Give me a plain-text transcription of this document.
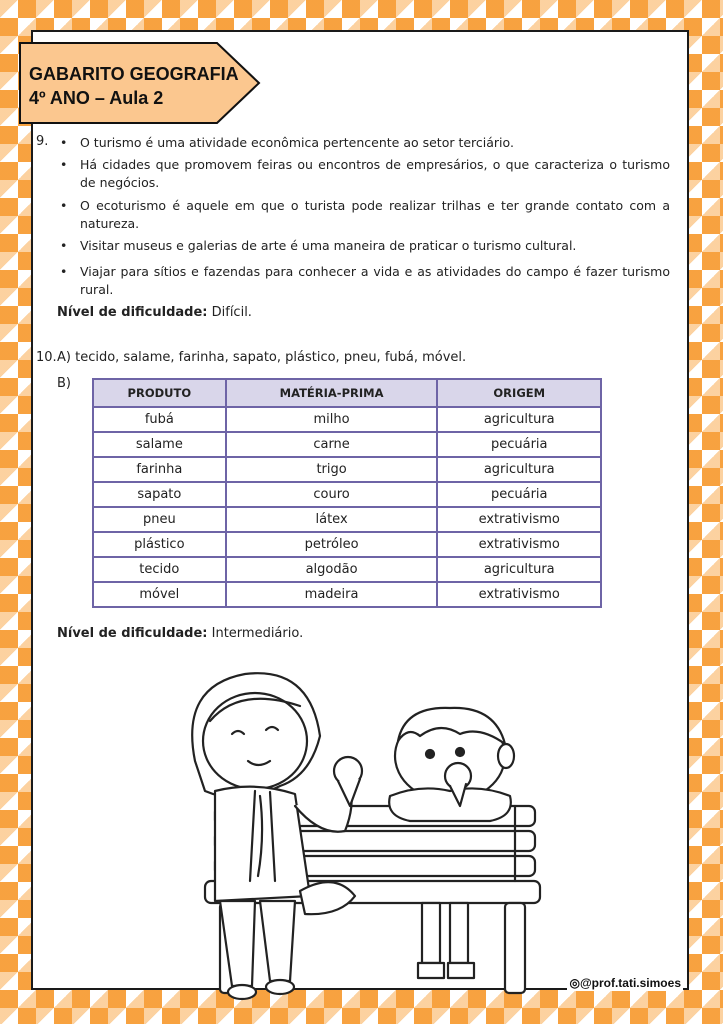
GABARITO GEOGRAFIA
4º ANO – Aula 2
9. • O turismo é uma atividade econômica pertencente ao setor terciário.
• Há cidades que promovem feiras ou encontros de empresários, o que caracteriza o turismo de negócios.
• O ecoturismo é aquele em que o turista pode realizar trilhas e ter grande contato com a natureza.
• Visitar museus e galerias de arte é uma maneira de praticar o turismo cultural.
• Viajar para sítios e fazendas para conhecer a vida e as atividades do campo é fazer turismo rural.
Nível de dificuldade: Difícil.
10. A) tecido, salame, farinha, sapato, plástico, pneu, fubá, móvel.
B)
PRODUTO	MATÉRIA-PRIMA	ORIGEM
fubá	milho	agricultura
salame	carne	pecuária
farinha	trigo	agricultura
sapato	couro	pecuária
pneu	látex	extrativismo
plástico	petróleo	extrativismo
tecido	algodão	agricultura
móvel	madeira	extrativismo
Nível de dificuldade: Intermediário.
◎@prof.tati.simoes
